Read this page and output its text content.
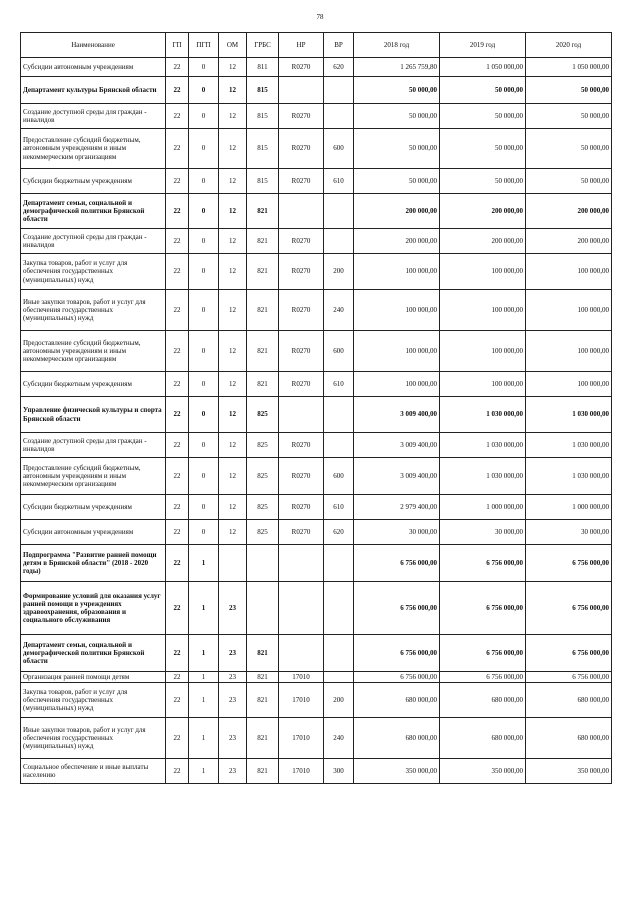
78
Наименование	ГП	ПГП	ОМ	ГРБС	НР	ВР	2018 год	2019 год	2020 год
Субсидии автономным учреждениям	22	0	12	811	R0270	620	1 265 759,80	1 050 000,00	1 050 000,00
Департамент культуры Брянской области	22	0	12	815			50 000,00	50 000,00	50 000,00
Создание доступной среды для граждан - инвалидов	22	0	12	815	R0270		50 000,00	50 000,00	50 000,00
Предоставление субсидий бюджетным, автономным учреждениям и иным некоммерческим организациям	22	0	12	815	R0270	600	50 000,00	50 000,00	50 000,00
Субсидии бюджетным учреждениям	22	0	12	815	R0270	610	50 000,00	50 000,00	50 000,00
Департамент семьи, социальной и демографической политики Брянской области	22	0	12	821			200 000,00	200 000,00	200 000,00
Создание доступной среды для граждан - инвалидов	22	0	12	821	R0270		200 000,00	200 000,00	200 000,00
Закупка товаров, работ и услуг для обеспечения государственных (муниципальных) нужд	22	0	12	821	R0270	200	100 000,00	100 000,00	100 000,00
Иные закупки товаров, работ и услуг для обеспечения государственных (муниципальных) нужд	22	0	12	821	R0270	240	100 000,00	100 000,00	100 000,00
Предоставление субсидий бюджетным, автономным учреждениям и иным некоммерческим организациям	22	0	12	821	R0270	600	100 000,00	100 000,00	100 000,00
Субсидии бюджетным учреждениям	22	0	12	821	R0270	610	100 000,00	100 000,00	100 000,00
Управление физической культуры и спорта Брянской области	22	0	12	825			3 009 400,00	1 030 000,00	1 030 000,00
Создание доступной среды для граждан - инвалидов	22	0	12	825	R0270		3 009 400,00	1 030 000,00	1 030 000,00
Предоставление субсидий бюджетным, автономным учреждениям и иным некоммерческим организациям	22	0	12	825	R0270	600	3 009 400,00	1 030 000,00	1 030 000,00
Субсидии бюджетным учреждениям	22	0	12	825	R0270	610	2 979 400,00	1 000 000,00	1 000 000,00
Субсидии автономным учреждениям	22	0	12	825	R0270	620	30 000,00	30 000,00	30 000,00
Подпрограмма "Развитие ранней помощи детям в Брянской области" (2018 - 2020 годы)	22	1					6 756 000,00	6 756 000,00	6 756 000,00
Формирование условий для оказания услуг ранней помощи в учреждениях здравоохранения, образования и социального обслуживания	22	1	23				6 756 000,00	6 756 000,00	6 756 000,00
Департамент семьи, социальной и демографической политики Брянской области	22	1	23	821			6 756 000,00	6 756 000,00	6 756 000,00
Организация ранней помощи детям	22	1	23	821	17010		6 756 000,00	6 756 000,00	6 756 000,00
Закупка товаров, работ и услуг для обеспечения государственных (муниципальных) нужд	22	1	23	821	17010	200	680 000,00	680 000,00	680 000,00
Иные закупки товаров, работ и услуг для обеспечения государственных (муниципальных) нужд	22	1	23	821	17010	240	680 000,00	680 000,00	680 000,00
Социальное обеспечение и иные выплаты населению	22	1	23	821	17010	300	350 000,00	350 000,00	350 000,00
